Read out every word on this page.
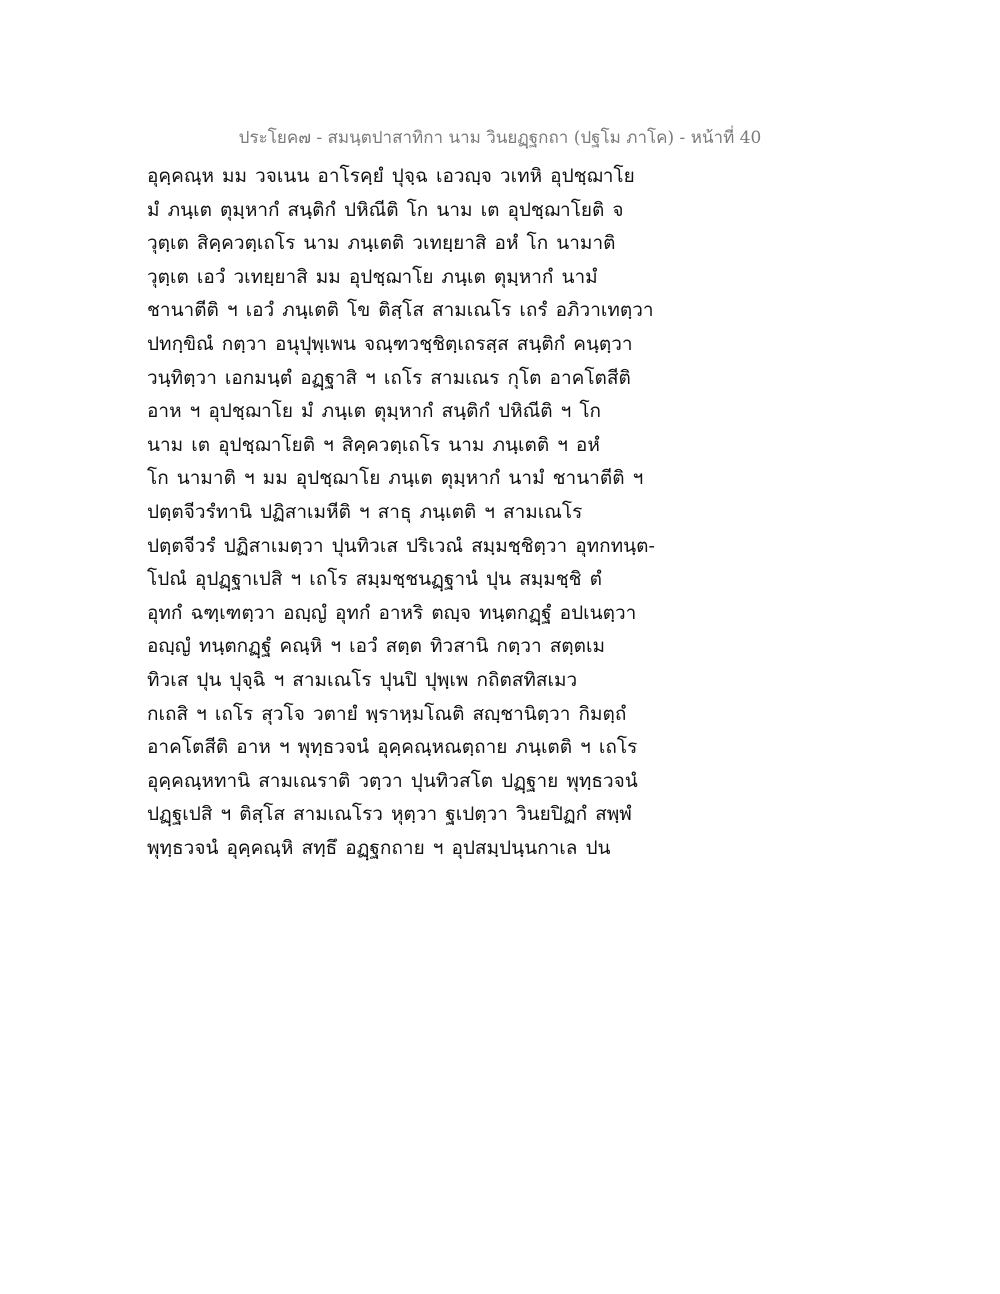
ประโยค๗ - สมนฺตปาสาทิกา นาม วินยฏฺฐกถา (ปฐโม ภาโค) - หน้าที่ 40
อุคฺคณฺห มม วจเนน อาโรคฺยํ ปุจฺฉ เอวญฺจ วเทหิ อุปชฺฌาโย
มํ ภนฺเต ตุมฺหากํ สนฺติกํ ปหิณีติ โก นาม เต อุปชฺฌาโยติ จ
วุตฺเต สิคฺควตฺเถโร นาม ภนฺเตติ วเทยฺยาสิ อหํ โก นามาติ
วุตฺเต เอวํ วเทยฺยาสิ มม อุปชฺฌาโย ภนฺเต ตุมฺหากํ นามํ
ชานาตีติ ฯ เอวํ ภนฺเตติ โข ติสฺโส สามเณโร เถรํ อภิวาเทตฺวา
ปทกฺขิณํ กตฺวา อนุปุพฺเพน จณฺฑวชฺชิตฺเถรสฺส สนฺติกํ คนฺตฺวา
วนฺทิตฺวา เอกมนฺตํ อฏฺฐาสิ ฯ เถโร สามเณร กุโต อาคโตสีติ
อาห ฯ อุปชฺฌาโย มํ ภนฺเต ตุมฺหากํ สนฺติกํ ปหิณีติ ฯ โก
นาม เต อุปชฺฌาโยติ ฯ สิคฺควตฺเถโร นาม ภนฺเตติ ฯ อหํ
โก นามาติ ฯ มม อุปชฺฌาโย ภนฺเต ตุมฺหากํ นามํ ชานาตีติ ฯ
ปตฺตจีวรํทานิ ปฏิสาเมหีติ ฯ สาธุ ภนฺเตติ ฯ สามเณโร
ปตฺตจีวรํ ปฏิสาเมตฺวา ปุนทิวเส ปริเวณํ สมฺมชฺชิตฺวา อุทกทนฺต-
โปณํ อุปฏฺฐาเปสิ ฯ เถโร สมฺมชฺชนฏฺฐานํ ปุน สมฺมชฺชิ ตํ
อุทกํ ฉฑฺเฑตฺวา อญฺญํ อุทกํ อาหริ ตญฺจ ทนฺตกฏฺฐํ อปเนตฺวา
อญฺญํ ทนฺตกฏฺฐํ คณฺหิ ฯ เอวํ สตฺต ทิวสานิ กตฺวา สตฺตเม
ทิวเส ปุน ปุจฺฉิ ฯ สามเณโร ปุนปิ ปุพฺเพ กถิตสทิสเมว
กเถสิ ฯ เถโร สุวโจ วตายํ พฺราหฺมโณติ สญฺชานิตฺวา กิมตฺถํ
อาคโตสีติ อาห ฯ พุทฺธวจนํ อุคฺคณฺหณตฺถาย ภนฺเตติ ฯ เถโร
อุคฺคณฺหทานิ สามเณราติ วตฺวา ปุนทิวสโต ปฏฺฐาย พุทฺธวจนํ
ปฏฺฐเปสิ ฯ ติสฺโส สามเณโรว หุตฺวา ฐเปตฺวา วินยปิฏกํ สพฺพํ
พุทฺธวจนํ อุคฺคณฺหิ สทฺธึ อฏฺฐกถาย ฯ อุปสมฺปนฺนกาเล ปน
